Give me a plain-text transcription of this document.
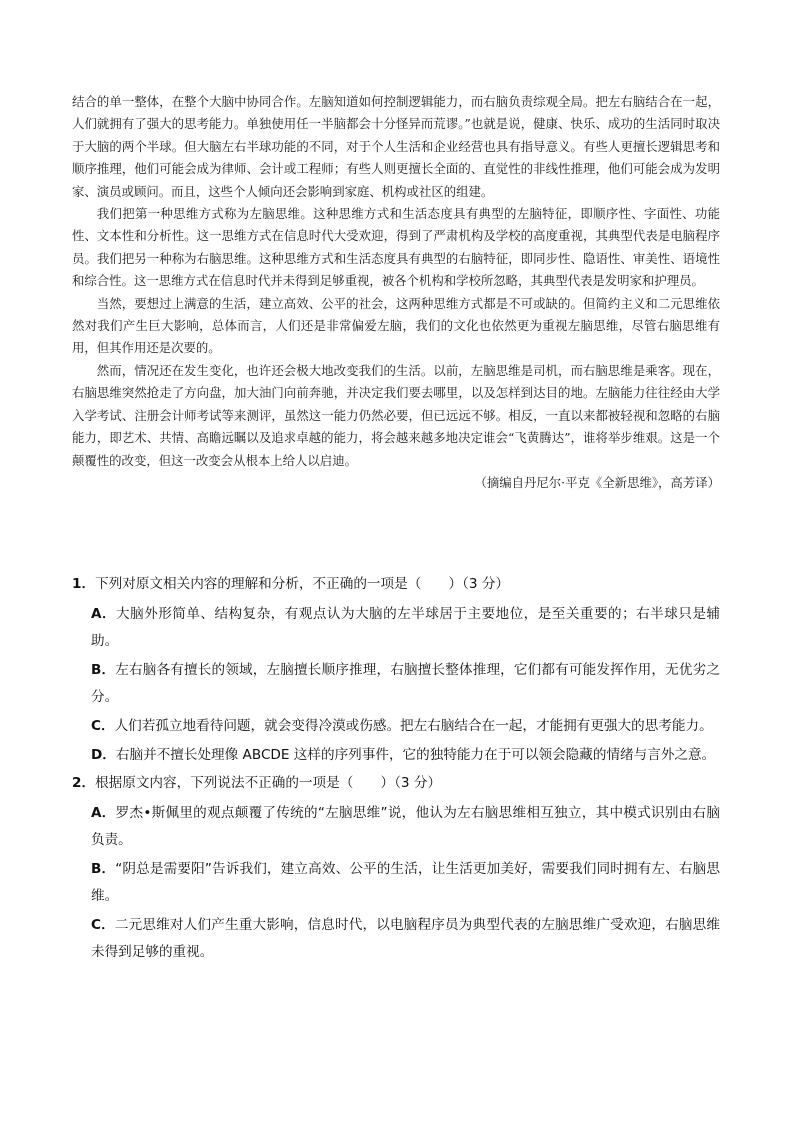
结合的单一整体，在整个大脑中协同合作。左脑知道如何控制逻辑能力，而右脑负责综观全局。把左右脑结合在一起，人们就拥有了强大的思考能力。单独使用任一半脑都会十分怪异而荒谬。”也就是说，健康、快乐、成功的生活同时取决于大脑的两个半球。但大脑左右半球功能的不同，对于个人生活和企业经营也具有指导意义。有些人更擅长逻辑思考和顺序推理，他们可能会成为律师、会计或工程师；有些人则更擅长全面的、直觉性的非线性推理，他们可能会成为发明家、演员或顾问。而且，这些个人倾向还会影响到家庭、机构或社区的组建。

我们把第一种思维方式称为左脑思维。这种思维方式和生活态度具有典型的左脑特征，即顺序性、字面性、功能性、文本性和分析性。这一思维方式在信息时代大受欢迎，得到了严肃机构及学校的高度重视，其典型代表是电脑程序员。我们把另一种称为右脑思维。这种思维方式和生活态度具有典型的右脑特征，即同步性、隐语性、审美性、语境性和综合性。这一思维方式在信息时代并未得到足够重视，被各个机构和学校所忽略，其典型代表是发明家和护理员。

当然，要想过上满意的生活，建立高效、公平的社会，这两种思维方式都是不可或缺的。但简约主义和二元思维依然对我们产生巨大影响，总体而言，人们还是非常偏爱左脑，我们的文化也依然更为重视左脑思维，尽管右脑思维有用，但其作用还是次要的。

然而，情况还在发生变化，也许还会极大地改变我们的生活。以前，左脑思维是司机，而右脑思维是乘客。现在，右脑思维突然抢走了方向盘，加大油门向前奔驰，并决定我们要去哪里，以及怎样到达目的地。左脑能力往往经由大学入学考试、注册会计师考试等来测评，虽然这一能力仍然必要，但已远远不够。相反，一直以来都被轻视和忽略的右脑能力，即艺术、共情、高瞻远瞩以及追求卓越的能力，将会越来越多地决定谁会“飞黄腾达”，谁将举步维艰。这是一个颠覆性的改变，但这一改变会从根本上给人以启迪。

（摘编自丹尼尔·平克《全新思维》，高芳译）
1．下列对原文相关内容的理解和分析，不正确的一项是（　　）（3 分）
A．大脑外形简单、结构复杂，有观点认为大脑的左半球居于主要地位，是至关重要的；右半球只是辅助。
B．左右脑各有擅长的领域，左脑擅长顺序推理，右脑擅长整体推理，它们都有可能发挥作用，无优劣之分。
C．人们若孤立地看待问题，就会变得冷漠或伤感。把左右脑结合在一起，才能拥有更强大的思考能力。
D．右脑并不擅长处理像 ABCDE 这样的序列事件，它的独特能力在于可以领会隐藏的情绪与言外之意。
2．根据原文内容，下列说法不正确的一项是（　　）（3 分）
A．罗杰•斯佩里的观点颠覆了传统的“左脑思维”说，他认为左右脑思维相互独立，其中模式识别由右脑负责。
B．“阴总是需要阳”告诉我们，建立高效、公平的生活，让生活更加美好，需要我们同时拥有左、右脑思维。
C．二元思维对人们产生重大影响，信息时代，以电脑程序员为典型代表的左脑思维广受欢迎，右脑思维未得到足够的重视。
